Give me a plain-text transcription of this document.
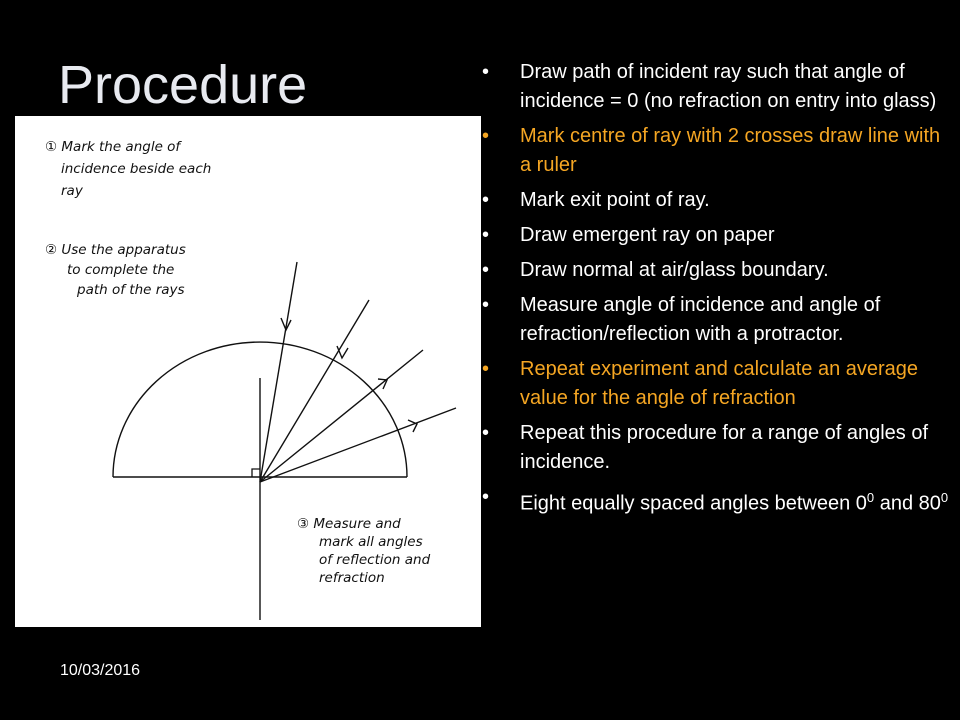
Procedure
① Mark the angle of
incidence beside each
ray
② Use the apparatus
to complete the
path of the rays
③ Measure and
mark all angles
of reflection and
refraction
• Draw path of incident ray such that angle of incidence = 0 (no refraction on entry into glass)
• Mark centre of ray with 2 crosses draw line with a ruler
• Mark exit point of ray.
• Draw emergent ray on paper
• Draw normal at air/glass boundary.
• Measure angle of incidence and angle of refraction/reflection with a protractor.
• Repeat experiment and calculate an average value for the angle of refraction
• Repeat this procedure for a range of angles of incidence.
• Eight equally spaced angles between $0^0$ and $80^0$
10/03/2016
